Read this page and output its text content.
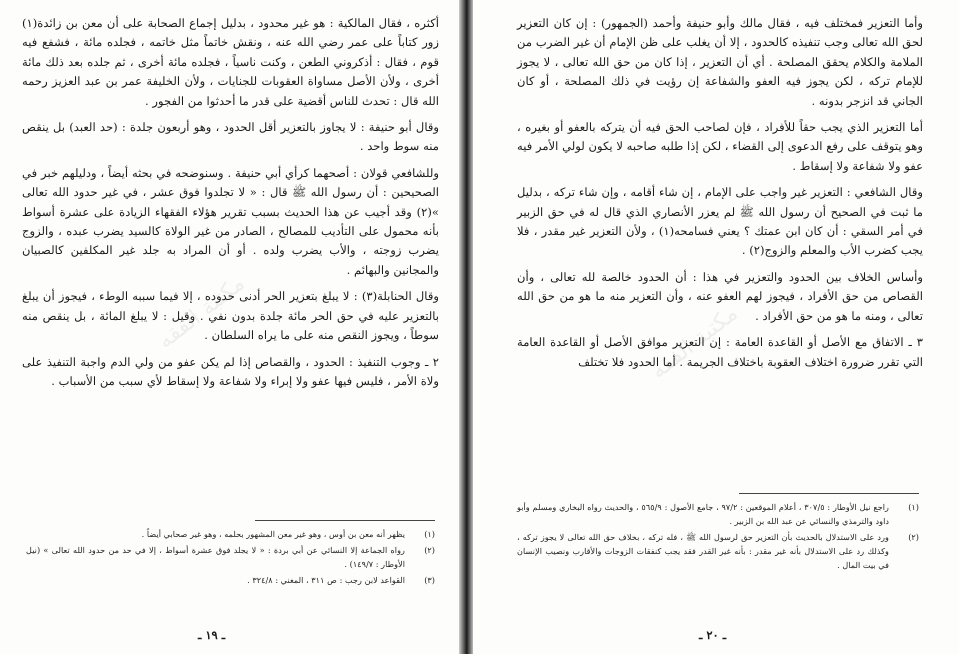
مكتبة الفقه

أكثره ، فقال المالكية : هو غير محدود ، بدليل إجماع الصحابة على أن معن بن زائدة(١) زور كتاباً على عمر رضي الله عنه ، ونقش خاتماً مثل خاتمه ، فجلده مائة ، فشفع فيه قوم ، فقال : أذكروني الطعن ، وكنت ناسياً ، فجلده مائة أخرى ، ثم جلده بعد ذلك مائة أخرى ، ولأن الأصل مساواة العقوبات للجنايات ، ولأن الخليفة عمر بن عبد العزيز رحمه الله قال : تحدث للناس أقضية على قدر ما أحدثوا من الفجور .

وقال أبو حنيفة : لا يجاوز بالتعزير أقل الحدود ، وهو أربعون جلدة : (حد العبد) بل ينقص منه سوط واحد .

وللشافعي قولان : أصحهما كرأي أبي حنيفة . وسنوضحه في بحثه أيضاً ، ودليلهم خبر في الصحيحين : أن رسول الله ﷺ قال : « لا تجلدوا فوق عشر ، في غير حدود الله تعالى »(٢) وقد أجيب عن هذا الحديث بسبب تقرير هؤلاء الفقهاء الزيادة على عشرة أسواط بأنه محمول على التأديب للمصالح ، الصادر من غير الولاة كالسيد يضرب عبده ، والزوج يضرب زوجته ، والأب يضرب ولده . أو أن المراد به جلد غير المكلفين كالصبيان والمجانين والبهائم .

وقال الحنابلة(٣) : لا يبلغ بتعزير الحر أدنى حدوده ، إلا فيما سببه الوطء ، فيجوز أن يبلغ بالتعزير عليه في حق الحر مائة جلدة بدون نفي . وقيل : لا يبلغ المائة ، بل ينقص منه سوطاً ، ويجوز النقص منه على ما يراه السلطان .

٢ ـ وجوب التنفيذ : الحدود ، والقصاص إذا لم يكن عفو من ولي الدم واجبة التنفيذ على ولاة الأمر ، فليس فيها عفو ولا إبراء ولا شفاعة ولا إسقاط لأي سبب من الأسباب .

(١)
يظهر أنه معن بن أوس ، وهو غير معن المشهور بحلمه ، وهو غير صحابي أيضاً .
(٢)
رواه الجماعة إلا النسائي عن أبي بردة : « لا يجلد فوق عشرة أسواط ، إلا في حد من حدود الله تعالى » (نيل الأوطار : ١٤٩/٧) .
(٣)
القواعد لابن رجب : ص ٣١١ ، المغني : ٣٢٤/٨ .
ـ ١٩ ـ
مكتبة الفقه

وأما التعزير فمختلف فيه ، فقال مالك وأبو حنيفة وأحمد (الجمهور) : إن كان التعزير لحق الله تعالى وجب تنفيذه كالحدود ، إلا أن يغلب على ظن الإمام أن غير الضرب من الملامة والكلام يحقق المصلحة . أي أن التعزير ، إذا كان من حق الله تعالى ، لا يجوز للإمام تركه ، لكن يجوز فيه العفو والشفاعة إن رؤيت في ذلك المصلحة ، أو كان الجاني قد انزجر بدونه .

أما التعزير الذي يجب حقاً للأفراد ، فإن لصاحب الحق فيه أن يتركه بالعفو أو بغيره ، وهو يتوقف على رفع الدعوى إلى القضاء ، لكن إذا طلبه صاحبه لا يكون لولي الأمر فيه عفو ولا شفاعة ولا إسقاط .

وقال الشافعي : التعزير غير واجب على الإمام ، إن شاء أقامه ، وإن شاء تركه ، بدليل ما ثبت في الصحيح أن رسول الله ﷺ لم يعزر الأنصاري الذي قال له في حق الزبير في أمر السقي : أن كان ابن عمتك ؟ يعني فسامحه(١) ، ولأن التعزير غير مقدر ، فلا يجب كضرب الأب والمعلم والزوج(٢) .

وأساس الخلاف بين الحدود والتعزير في هذا : أن الحدود خالصة لله تعالى ، وأن القصاص من حق الأفراد ، فيجوز لهم العفو عنه ، وأن التعزير منه ما هو من حق الله تعالى ، ومنه ما هو من حق الأفراد .

٣ ـ الاتفاق مع الأصل أو القاعدة العامة : إن التعزير موافق الأصل أو القاعدة العامة التي تقرر ضرورة اختلاف العقوبة باختلاف الجريمة . أما الحدود فلا تختلف

(١)
راجع نيل الأوطار : ٣٠٧/٥ ، أعلام الموقعين : ٩٧/٢ ، جامع الأصول : ٥٦٥/٩ ، والحديث رواه البخاري ومسلم وأبو داود والترمذي والنسائي عن عبد الله بن الزبير .
(٢)
ورد على الاستدلال بالحديث بأن التعزير حق لرسول الله ﷺ ، فله تركه ، بخلاف حق الله تعالى لا يجوز تركه ، وكذلك رد على الاستدلال بأنه غير مقدر : بأنه غير القدر فقد يجب كنفقات الزوجات والأقارب ونصيب الإنسان في بيت المال .
ـ ٢٠ ـ
